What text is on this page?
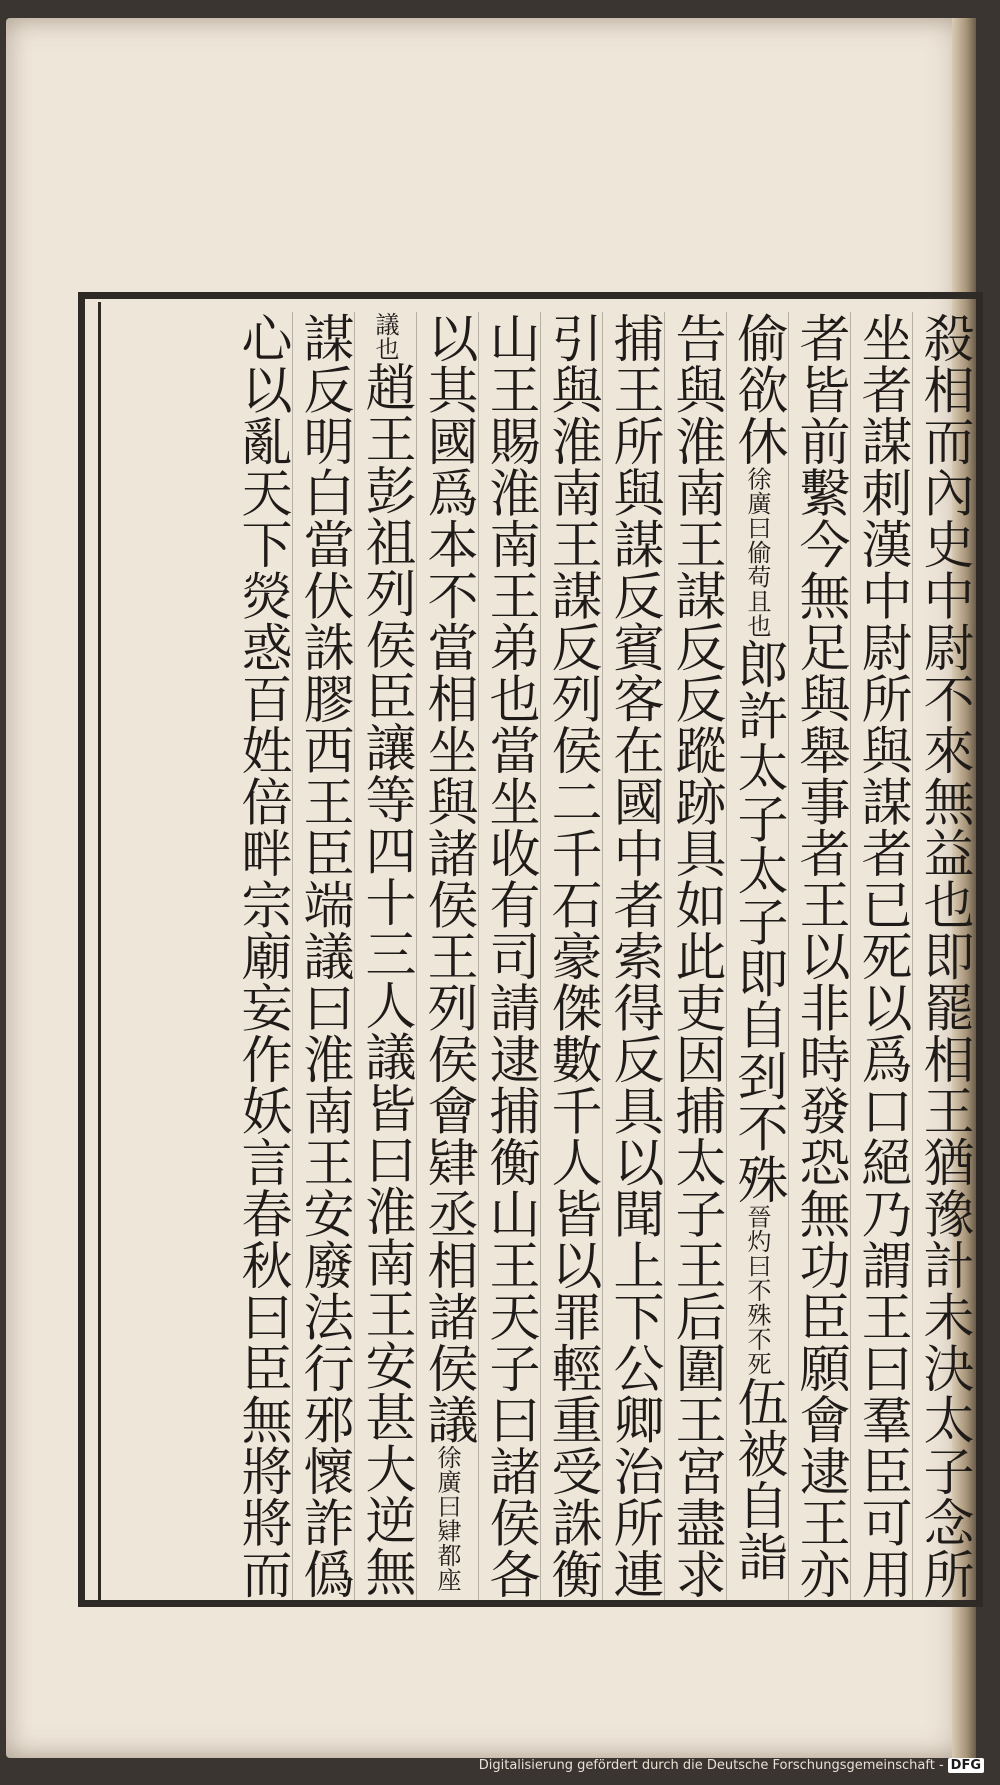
殺相而內史中尉不來無益也即罷相王猶豫計未決太子念所
坐者謀刺漢中尉所與謀者已死以爲口絕乃謂王曰羣臣可用
者皆前繫今無足與舉事者王以非時發恐無功臣願會逮王亦
偷欲休徐廣曰偷苟且也郎許太子太子即自刭不殊晉灼曰不殊不死伍被自詣
告與淮南王謀反反蹤跡具如此吏因捕太子王后圍王宮盡求
捕王所與謀反賓客在國中者索得反具以聞上下公卿治所連
引與淮南王謀反列侯二千石豪傑數千人皆以罪輕重受誅衡
山王賜淮南王弟也當坐收有司請逮捕衡山王天子曰諸侯各
以其國爲本不當相坐與諸侯王列侯會肄丞相諸侯議徐廣曰肄都座
議也趙王彭祖列侯臣讓等四十三人議皆曰淮南王安甚大逆無
謀反明白當伏誅膠西王臣端議曰淮南王安廢法行邪懷詐僞
心以亂天下熒惑百姓倍畔宗廟妄作妖言春秋曰臣無將將而
Digitalisierung gefördert durch die Deutsche Forschungsgemeinschaft - DFG
